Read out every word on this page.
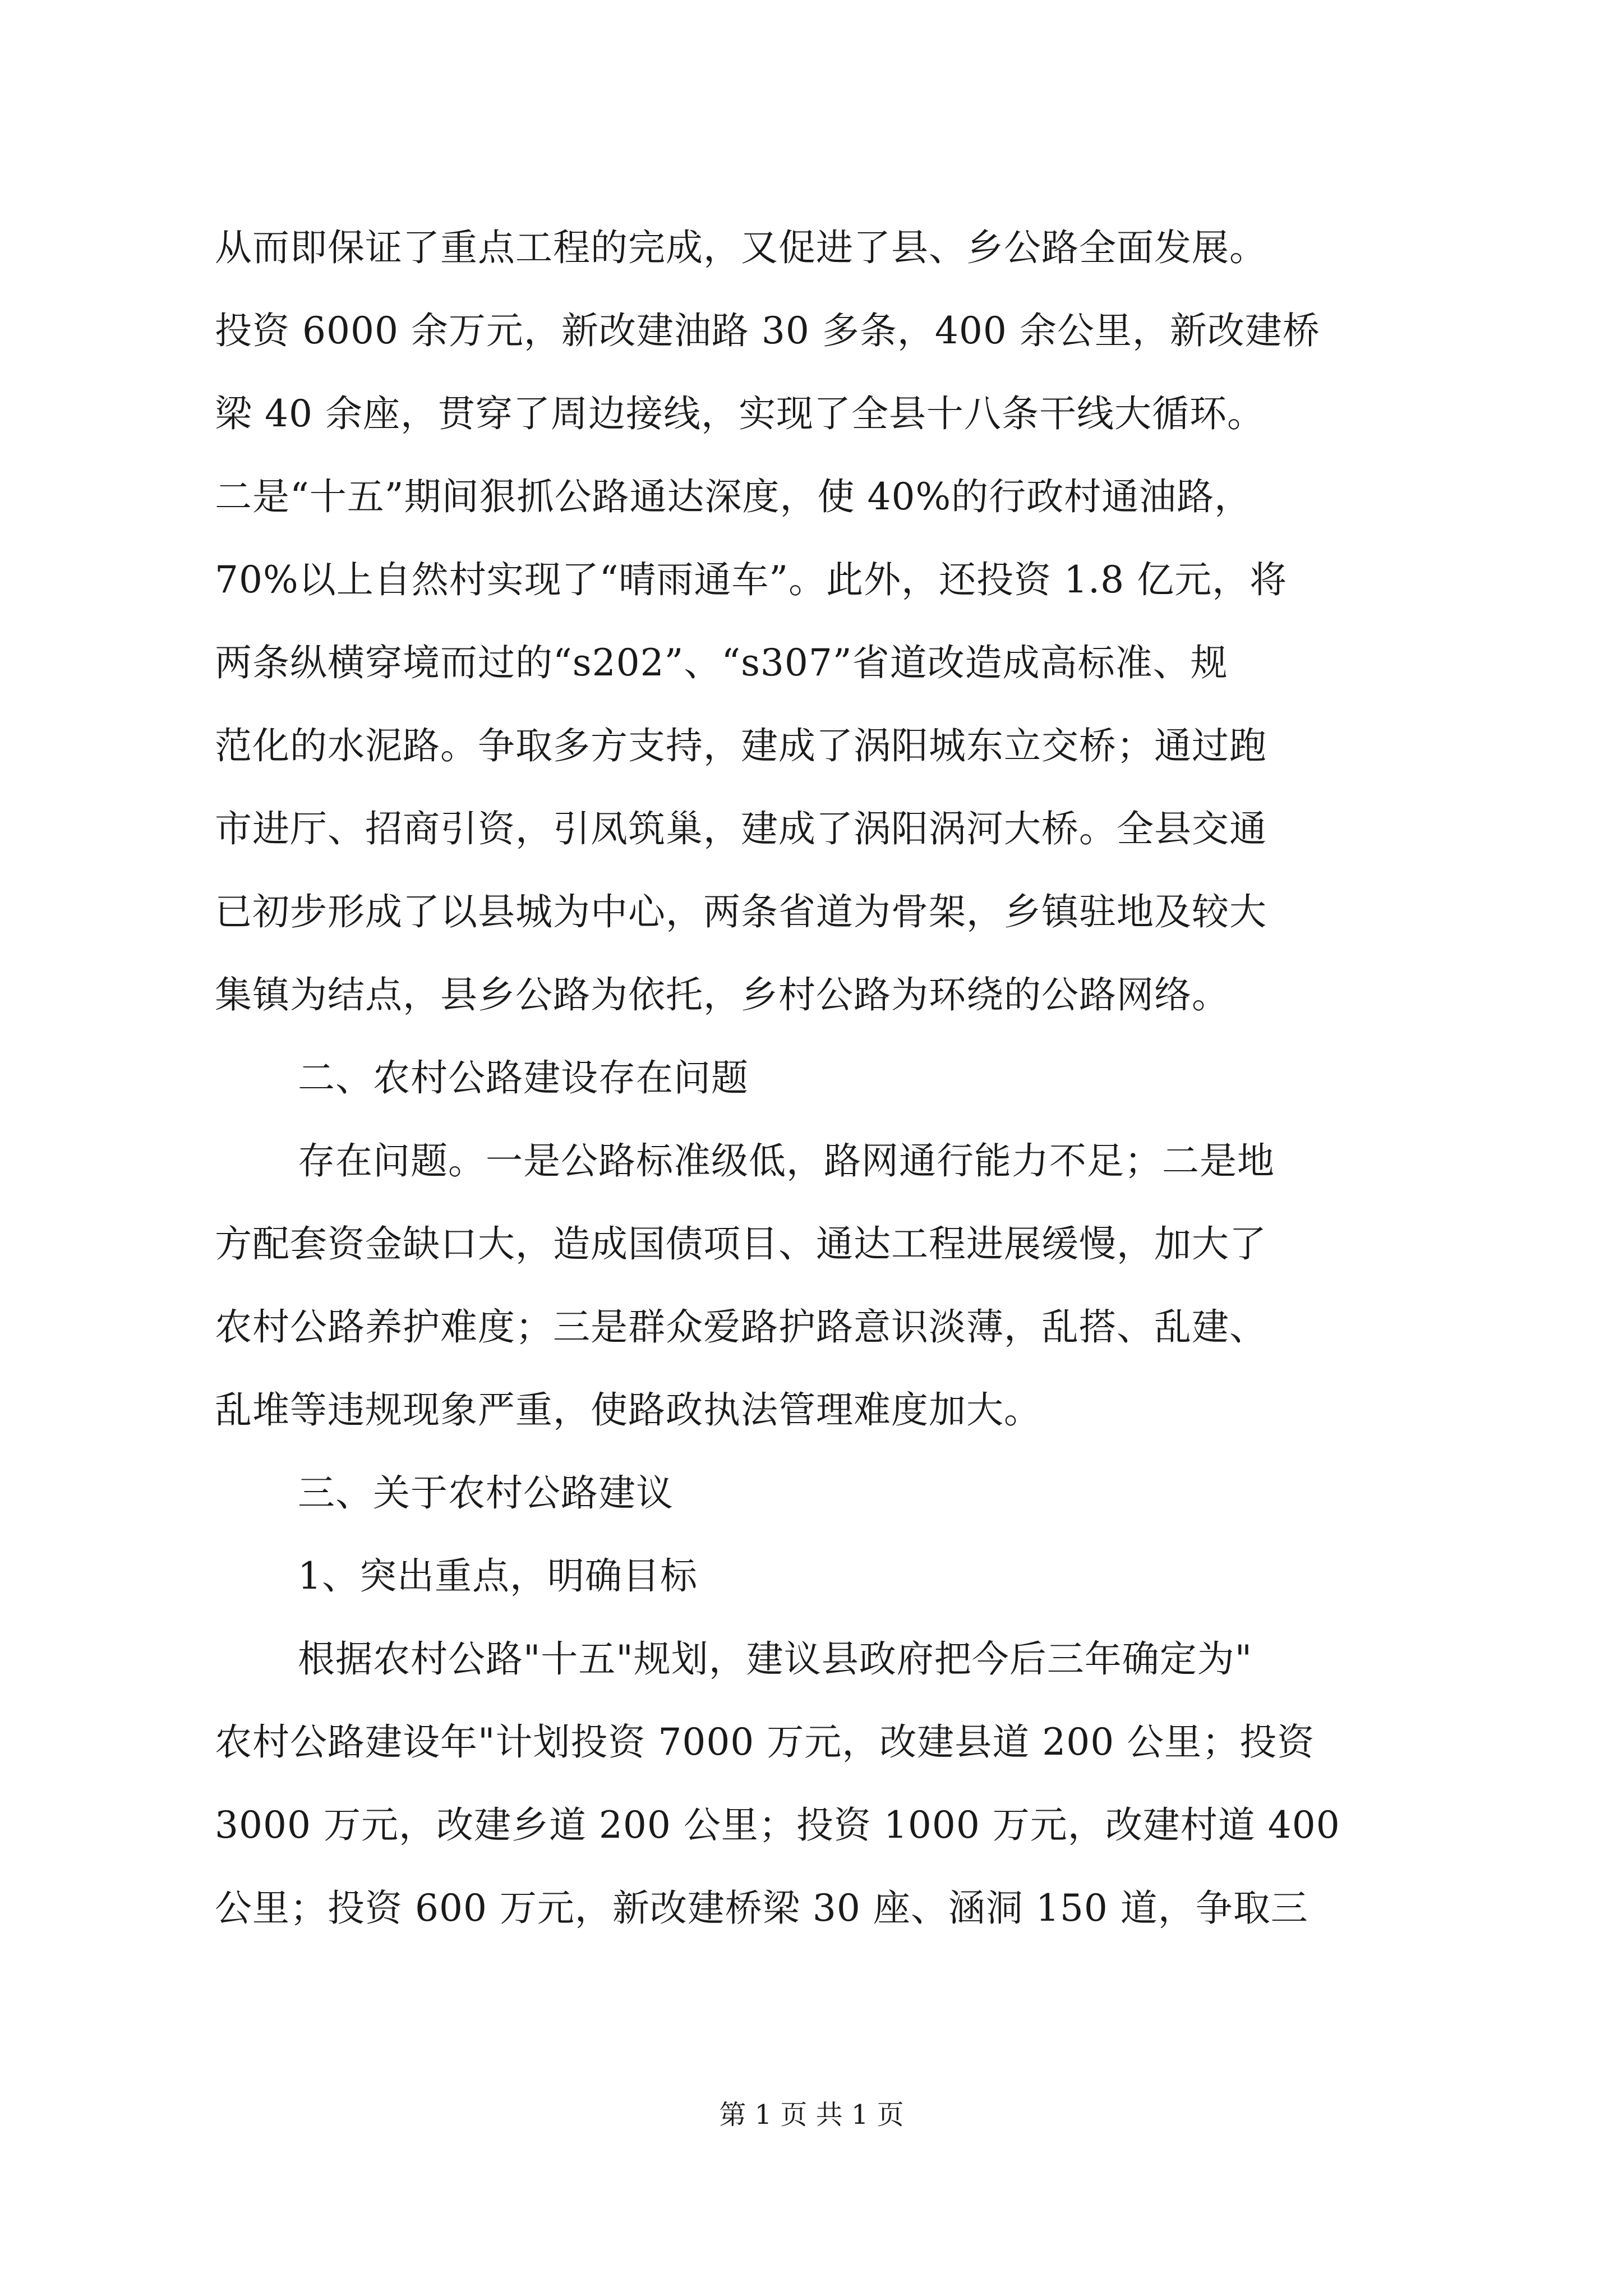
从而即保证了重点工程的完成，又促进了县、乡公路全面发展。
投资 6000 余万元，新改建油路 30 多条，400 余公里，新改建桥
梁 40 余座，贯穿了周边接线，实现了全县十八条干线大循环。
二是“十五”期间狠抓公路通达深度，使 40%的行政村通油路，
70%以上自然村实现了“晴雨通车”。此外，还投资 1.8 亿元，将
两条纵横穿境而过的“s202”、“s307”省道改造成高标准、规
范化的水泥路。争取多方支持，建成了涡阳城东立交桥；通过跑
市进厅、招商引资，引凤筑巢，建成了涡阳涡河大桥。全县交通
已初步形成了以县城为中心，两条省道为骨架，乡镇驻地及较大
集镇为结点，县乡公路为依托，乡村公路为环绕的公路网络。
二、农村公路建设存在问题
存在问题。一是公路标准级低，路网通行能力不足；二是地
方配套资金缺口大，造成国债项目、通达工程进展缓慢，加大了
农村公路养护难度；三是群众爱路护路意识淡薄，乱搭、乱建、
乱堆等违规现象严重，使路政执法管理难度加大。
三、关于农村公路建议
1、突出重点，明确目标
根据农村公路"十五"规划，建议县政府把今后三年确定为"
农村公路建设年"计划投资 7000 万元，改建县道 200 公里；投资
3000 万元，改建乡道 200 公里；投资 1000 万元，改建村道 400
公里；投资 600 万元，新改建桥梁 30 座、涵洞 150 道，争取三
第 1 页 共 1 页
